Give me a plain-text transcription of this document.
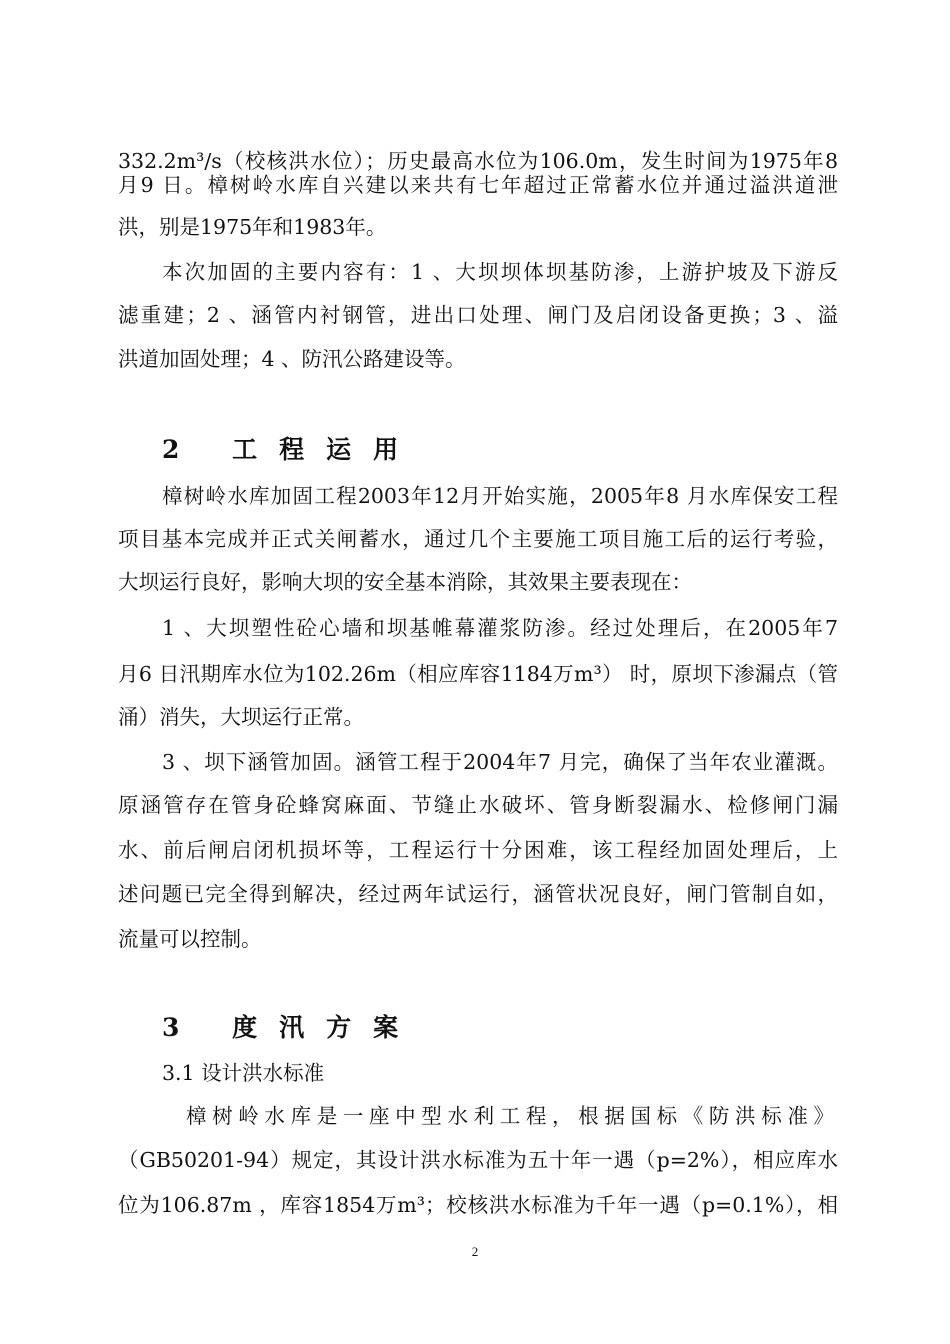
332.2m³/s（校核洪水位）；历史最高水位为106.0m，发生时间为1975年8
月9 日。樟树岭水库自兴建以来共有七年超过正常蓄水位并通过溢洪道泄
洪，别是1975年和1983年。
本次加固的主要内容有：1 、大坝坝体坝基防渗，上游护坡及下游反
滤重建；2 、涵管内衬钢管，进出口处理、闸门及启闭设备更换；3 、溢
洪道加固处理；4 、防汛公路建设等。
2 工程运用
樟树岭水库加固工程2003年12月开始实施，2005年8 月水库保安工程
项目基本完成并正式关闸蓄水，通过几个主要施工项目施工后的运行考验，
大坝运行良好，影响大坝的安全基本消除，其效果主要表现在：
1 、大坝塑性砼心墙和坝基帷幕灌浆防渗。经过处理后，在2005年7
月6 日汛期库水位为102.26m（相应库容1184万m³） 时，原坝下渗漏点（管
涌）消失，大坝运行正常。
3 、坝下涵管加固。涵管工程于2004年7 月完，确保了当年农业灌溉。
原涵管存在管身砼蜂窝麻面、节缝止水破坏、管身断裂漏水、检修闸门漏
水、前后闸启闭机损坏等，工程运行十分困难，该工程经加固处理后，上
述问题已完全得到解决，经过两年试运行，涵管状况良好，闸门管制自如，
流量可以控制。
3 度汛方案
3.1 设计洪水标准
樟树岭水库是一座中型水利工程，根据国标《防洪标准》
（GB50201-94）规定，其设计洪水标准为五十年一遇（p=2%），相应库水
位为106.87m ，库容1854万m³；校核洪水标准为千年一遇（p=0.1%），相
2
